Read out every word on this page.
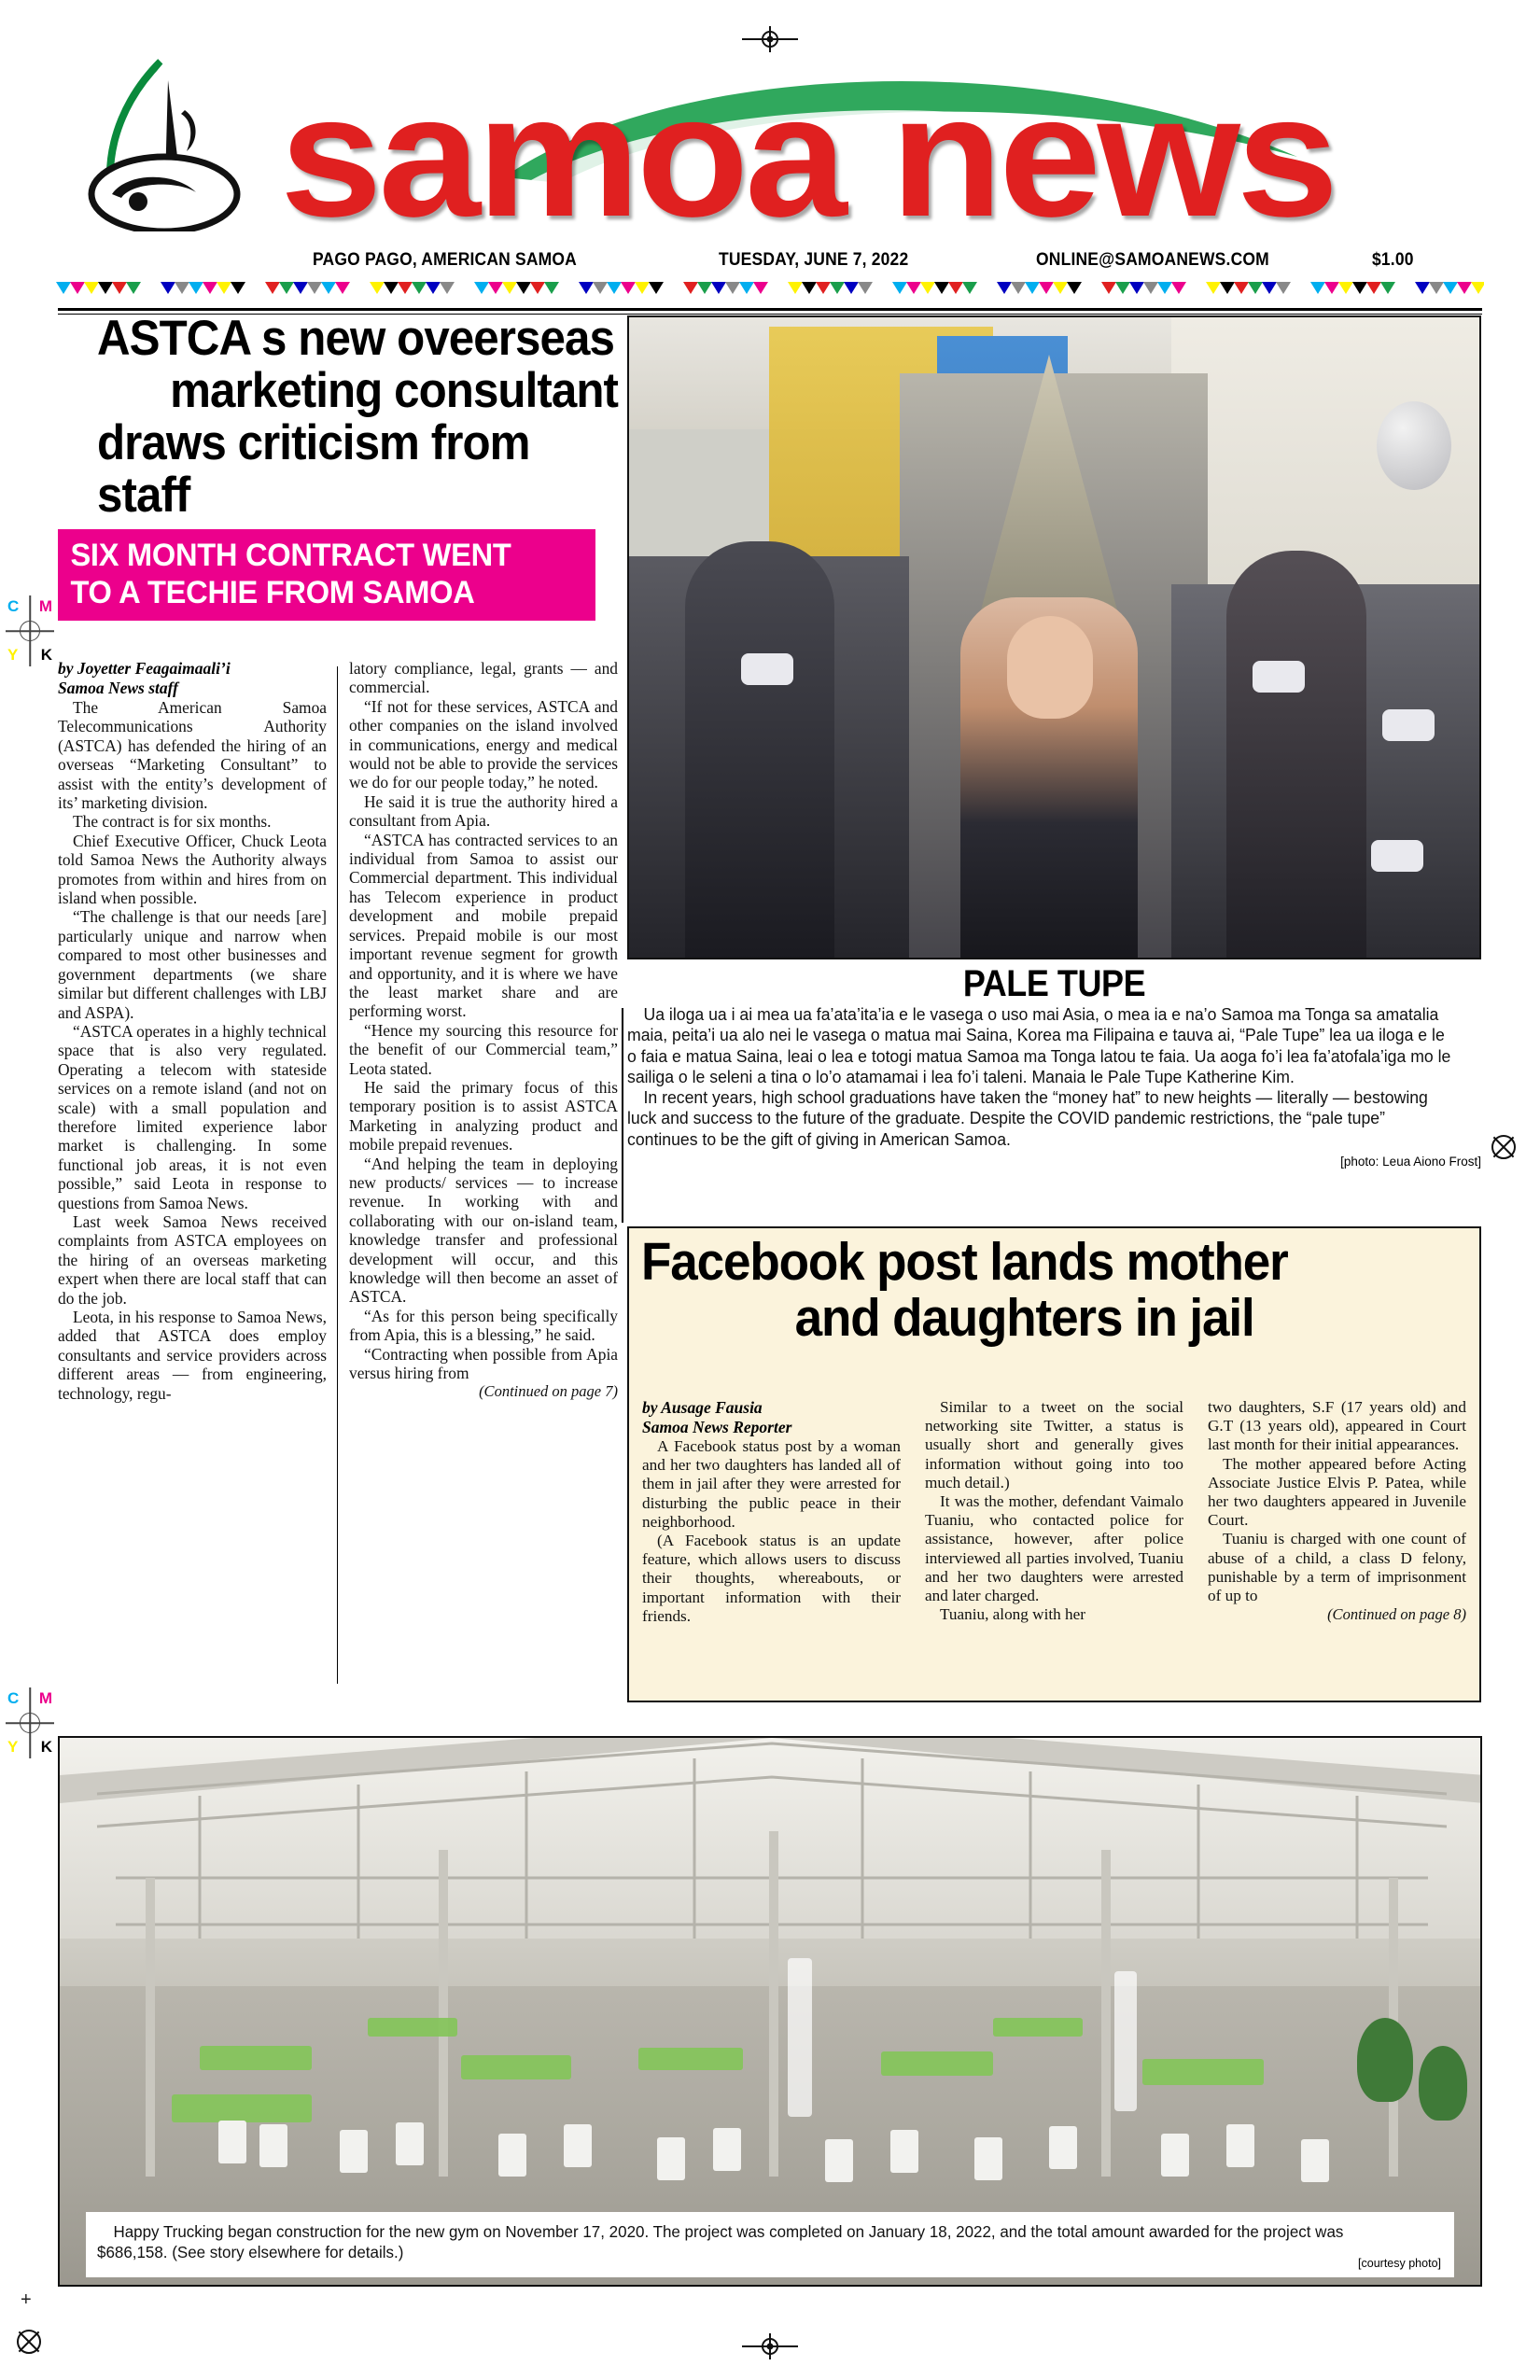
+
C M
Y K
C M
Y K
samoa news
PAGO PAGO, AMERICAN SAMOA	TUESDAY, JUNE 7, 2022	ONLINE@SAMOANEWS.COM	$1.00
ASTCA s new oveerseas
marketing consultant
draws criticism from staff
SIX MONTH CONTRACT WENT
TO A TECHIE FROM SAMOA
by Joyetter Feagaimaali’i
Samoa News staff

The American Samoa Telecommunications Authority (ASTCA) has defended the hiring of an overseas “Marketing Consultant” to assist with the entity’s development of its’ marketing division.

The contract is for six months.

Chief Executive Officer, Chuck Leota told Samoa News the Authority always promotes from within and hires from on island when possible.

“The challenge is that our needs [are] particularly unique and narrow when compared to most other businesses and government departments (we share similar but different challenges with LBJ and ASPA).

“ASTCA operates in a highly technical space that is also very regulated. Operating a telecom with stateside services on a remote island (and not on scale) with a small population and therefore limited experience labor market is challenging. In some functional job areas, it is not even possible,” said Leota in response to questions from Samoa News.

Last week Samoa News received complaints from ASTCA employees on the hiring of an overseas marketing expert when there are local staff that can do the job.

Leota, in his response to Samoa News, added that ASTCA does employ consultants and service providers across different areas — from engineering, technology, regu-

latory compliance, legal, grants — and commercial.

“If not for these services, ASTCA and other companies on the island involved in communications, energy and medical would not be able to provide the services we do for our people today,” he noted.

He said it is true the authority hired a consultant from Apia.

“ASTCA has contracted services to an individual from Samoa to assist our Commercial department. This individual has Telecom experience in product development and mobile prepaid services. Prepaid mobile is our most important revenue segment for growth and opportunity, and it is where we have the least market share and are performing worst.

“Hence my sourcing this resource for the benefit of our Commercial team,” Leota stated.

He said the primary focus of this temporary position is to assist ASTCA Marketing in analyzing product and mobile prepaid revenues.

“And helping the team in deploying new products/ services — to increase revenue. In working with and collaborating with our on-island team, knowledge transfer and professional development will occur, and this knowledge will then become an asset of ASTCA.

“As for this person being specifically from Apia, this is a blessing,” he said.

“Contracting when possible from Apia versus hiring from

(Continued on page 7)

PALE TUPE

Ua iloga ua i ai mea ua fa’ata’ita’ia e le vasega o uso mai Asia, o mea ia e na’o Samoa ma Tonga sa amatalia maia, peita’i ua alo nei le vasega o matua mai Saina, Korea ma Filipaina e tauva ai, “Pale Tupe” lea ua iloga e le o faia e matua Saina, leai o lea e totogi matua Samoa ma Tonga latou te faia. Ua aoga fo’i lea fa’atofala’iga mo le sailiga o le seleni a tina o lo’o atamamai i lea fo’i taleni. Manaia le Pale Tupe Katherine Kim.

In recent years, high school graduations have taken the “money hat” to new heights — literally — bestowing luck and success to the future of the graduate. Despite the COVID pandemic restrictions, the “pale tupe” continues to be the gift of giving in American Samoa.

[photo: Leua Aiono Frost]
Facebook post lands mother
and daughters in jail
by Ausage Fausia
Samoa News Reporter

A Facebook status post by a woman and her two daughters has landed all of them in jail after they were arrested for disturbing the public peace in their neighborhood.

(A Facebook status is an update feature, which allows users to discuss their thoughts, whereabouts, or important information with their friends.

Similar to a tweet on the social networking site Twitter, a status is usually short and generally gives information without going into too much detail.)

It was the mother, defendant Vaimalo Tuaniu, who contacted police for assistance, however, after police interviewed all parties involved, Tuaniu and her two daughters were arrested and later charged.

Tuaniu, along with her

two daughters, S.F (17 years old) and G.T (13 years old), appeared in Court last month for their initial appearances.

The mother appeared before Acting Associate Justice Elvis P. Patea, while her two daughters appeared in Juvenile Court.

Tuaniu is charged with one count of abuse of a child, a class D felony, punishable by a term of imprisonment of up to

(Continued on page 8)

Happy Trucking began construction for the new gym on November 17, 2020. The project was completed on January 18, 2022, and the total amount awarded for the project was $686,158. (See story elsewhere for details.)
[courtesy photo]
